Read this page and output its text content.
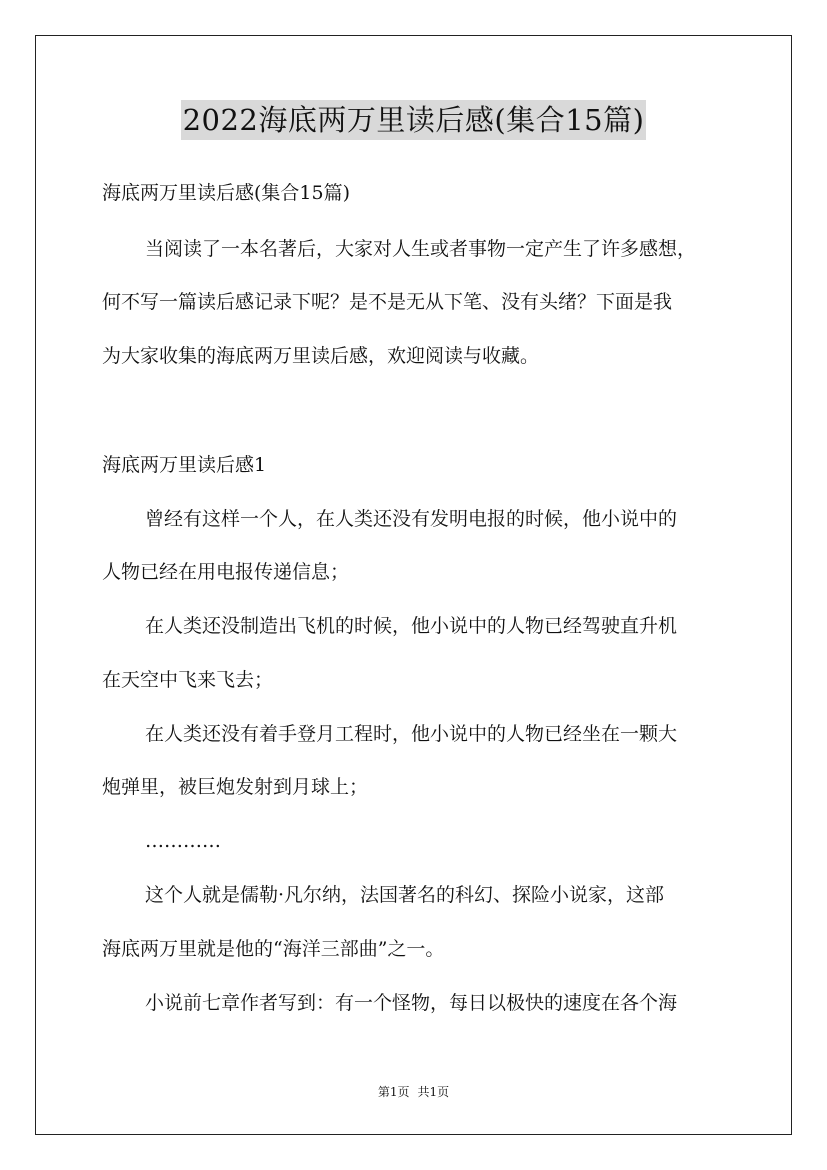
2022海底两万里读后感(集合15篇)
海底两万里读后感(集合15篇)
当阅读了一本名著后，大家对人生或者事物一定产生了许多感想，
何不写一篇读后感记录下呢？是不是无从下笔、没有头绪？下面是我
为大家收集的海底两万里读后感，欢迎阅读与收藏。
海底两万里读后感1
曾经有这样一个人，在人类还没有发明电报的时候，他小说中的
人物已经在用电报传递信息；
在人类还没制造出飞机的时候，他小说中的人物已经驾驶直升机
在天空中飞来飞去；
在人类还没有着手登月工程时，他小说中的人物已经坐在一颗大
炮弹里，被巨炮发射到月球上；
…………
这个人就是儒勒·凡尔纳，法国著名的科幻、探险小说家，这部
海底两万里就是他的“海洋三部曲”之一。
小说前七章作者写到：有一个怪物，每日以极快的速度在各个海
第1页 共1页
